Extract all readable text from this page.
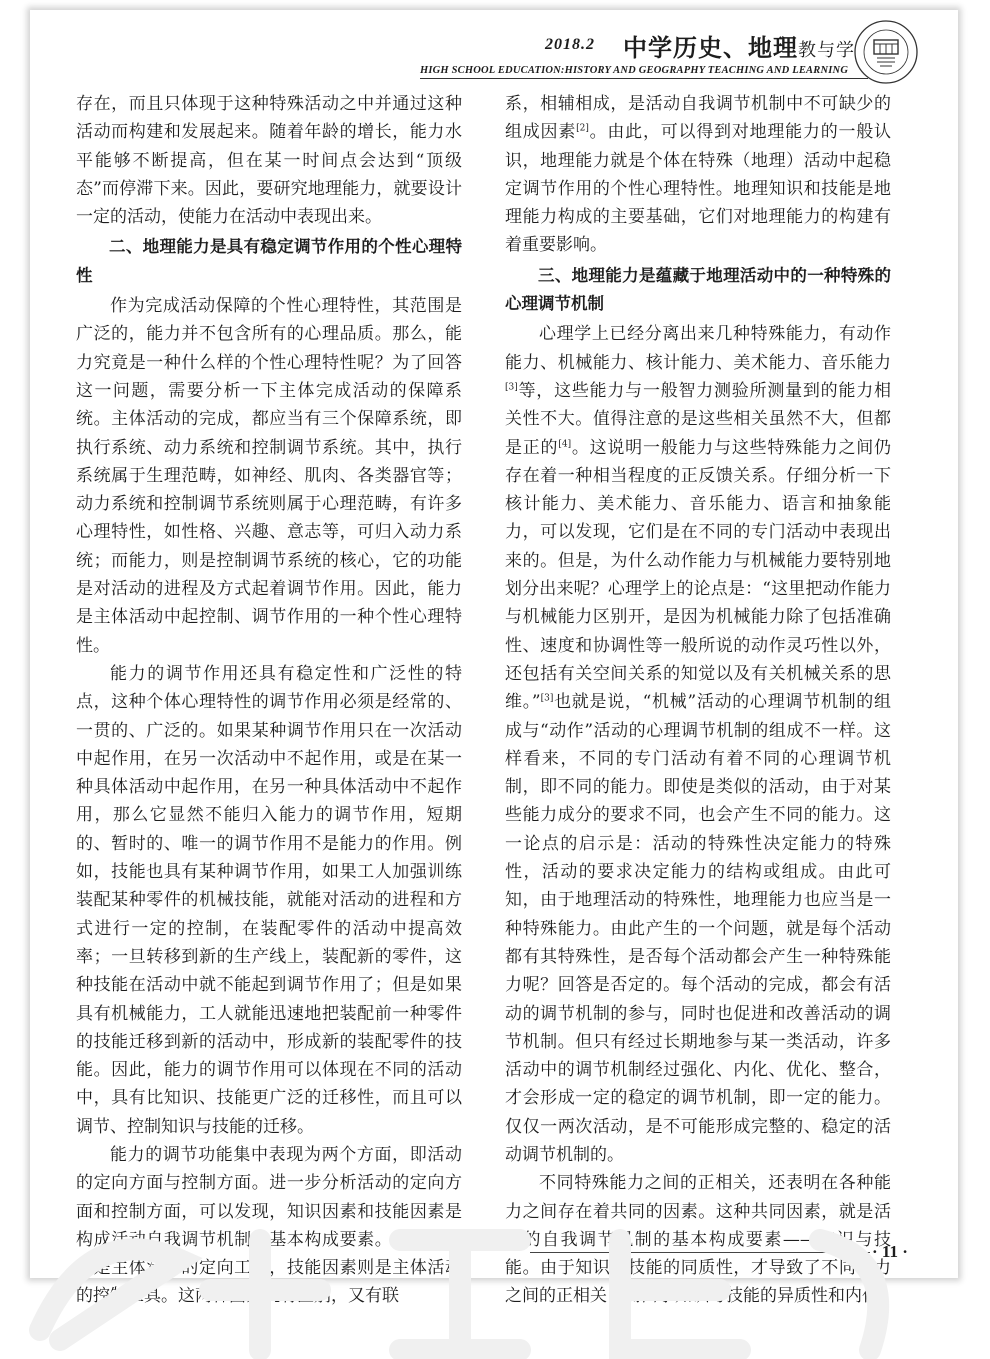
2018.2 中学历史、地理教与学
HIGH SCHOOL EDUCATION:HISTORY AND GEOGRAPHY TEACHING AND LEARNING

存在，而且只体现于这种特殊活动之中并通过这种活动而构建和发展起来。随着年龄的增长，能力水平能够不断提高，但在某一时间点会达到“顶级态”而停滞下来。因此，要研究地理能力，就要设计一定的活动，使能力在活动中表现出来。

二、地理能力是具有稳定调节作用的个性心理特性

作为完成活动保障的个性心理特性，其范围是广泛的，能力并不包含所有的心理品质。那么，能力究竟是一种什么样的个性心理特性呢？为了回答这一问题，需要分析一下主体完成活动的保障系统。主体活动的完成，都应当有三个保障系统，即执行系统、动力系统和控制调节系统。其中，执行系统属于生理范畴，如神经、肌肉、各类器官等；动力系统和控制调节系统则属于心理范畴，有许多心理特性，如性格、兴趣、意志等，可归入动力系统；而能力，则是控制调节系统的核心，它的功能是对活动的进程及方式起着调节作用。因此，能力是主体活动中起控制、调节作用的一种个性心理特性。

能力的调节作用还具有稳定性和广泛性的特点，这种个体心理特性的调节作用必须是经常的、一贯的、广泛的。如果某种调节作用只在一次活动中起作用，在另一次活动中不起作用，或是在某一种具体活动中起作用，在另一种具体活动中不起作用，那么它显然不能归入能力的调节作用，短期的、暂时的、唯一的调节作用不是能力的作用。例如，技能也具有某种调节作用，如果工人加强训练装配某种零件的机械技能，就能对活动的进程和方式进行一定的控制，在装配零件的活动中提高效率；一旦转移到新的生产线上，装配新的零件，这种技能在活动中就不能起到调节作用了；但是如果具有机械能力，工人就能迅速地把装配前一种零件的技能迁移到新的活动中，形成新的装配零件的技能。因此，能力的调节作用可以体现在不同的活动中，具有比知识、技能更广泛的迁移性，而且可以调节、控制知识与技能的迁移。

能力的调节功能集中表现为两个方面，即活动的定向方面与控制方面。进一步分析活动的定向方面和控制方面，可以发现，知识因素和技能因素是构成活动自我调节机制的基本构成要素。知识因素乃是主体活动的定向工具，技能因素则是主体活动的控制工具。这两种因素既有区别，又有联

系，相辅相成，是活动自我调节机制中不可缺少的组成因素[2]。由此，可以得到对地理能力的一般认识，地理能力就是个体在特殊（地理）活动中起稳定调节作用的个性心理特性。地理知识和技能是地理能力构成的主要基础，它们对地理能力的构建有着重要影响。

三、地理能力是蕴藏于地理活动中的一种特殊的心理调节机制

心理学上已经分离出来几种特殊能力，有动作能力、机械能力、核计能力、美术能力、音乐能力[3]等，这些能力与一般智力测验所测量到的能力相关性不大。值得注意的是这些相关虽然不大，但都是正的[4]。这说明一般能力与这些特殊能力之间仍存在着一种相当程度的正反馈关系。仔细分析一下核计能力、美术能力、音乐能力、语言和抽象能力，可以发现，它们是在不同的专门活动中表现出来的。但是，为什么动作能力与机械能力要特别地划分出来呢？心理学上的论点是：“这里把动作能力与机械能力区别开，是因为机械能力除了包括准确性、速度和协调性等一般所说的动作灵巧性以外，还包括有关空间关系的知觉以及有关机械关系的思维。”[3]也就是说，“机械”活动的心理调节机制的组成与“动作”活动的心理调节机制的组成不一样。这样看来，不同的专门活动有着不同的心理调节机制，即不同的能力。即使是类似的活动，由于对某些能力成分的要求不同，也会产生不同的能力。这一论点的启示是：活动的特殊性决定能力的特殊性，活动的要求决定能力的结构或组成。由此可知，由于地理活动的特殊性，地理能力也应当是一种特殊能力。由此产生的一个问题，就是每个活动都有其特殊性，是否每个活动都会产生一种特殊能力呢？回答是否定的。每个活动的完成，都会有活动的调节机制的参与，同时也促进和改善活动的调节机制。但只有经过长期地参与某一类活动，许多活动中的调节机制经过强化、内化、优化、整合，才会形成一定的稳定的调节机制，即一定的能力。仅仅一两次活动，是不可能形成完整的、稳定的活动调节机制的。

不同特殊能力之间的正相关，还表明在各种能力之间存在着共同的因素。这种共同因素，就是活动的自我调节机制的基本构成要素——知识与技能。由于知识与技能的同质性，才导致了不同能力之间的正相关；而由于知识与技能的异质性和内化

· 11 ·
